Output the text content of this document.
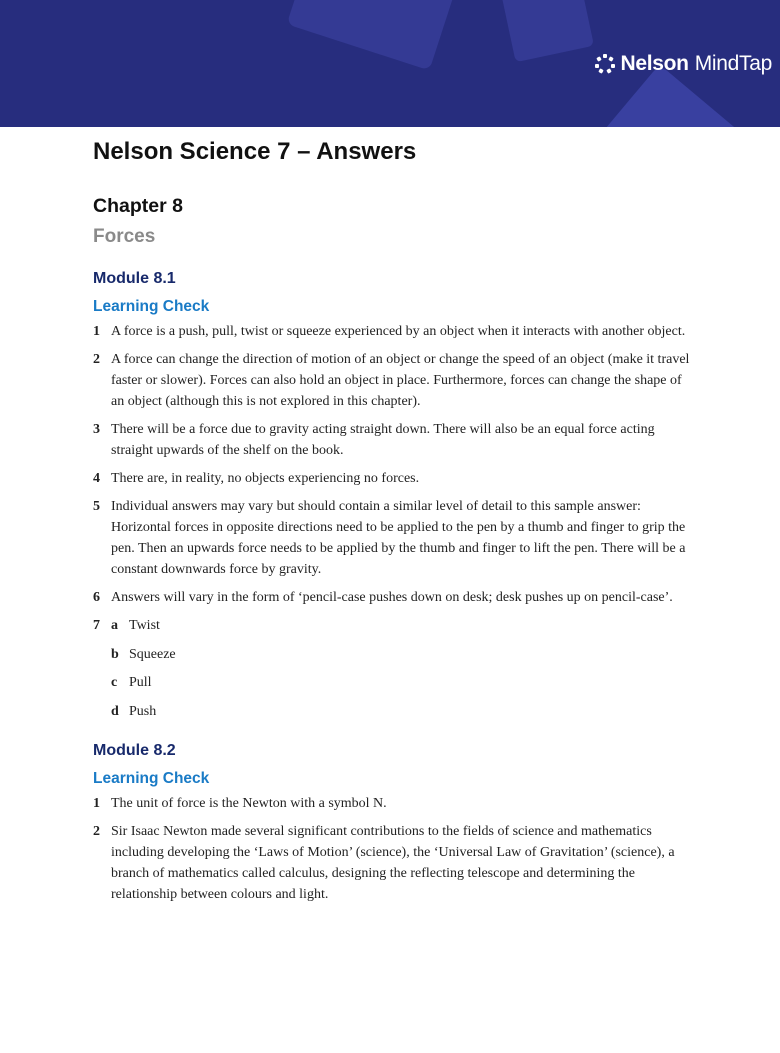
Nelson MindTap
Nelson Science 7 – Answers
Chapter 8
Forces
Module 8.1
Learning Check
1 A force is a push, pull, twist or squeeze experienced by an object when it interacts with another object.
2 A force can change the direction of motion of an object or change the speed of an object (make it travel faster or slower). Forces can also hold an object in place. Furthermore, forces can change the shape of an object (although this is not explored in this chapter).
3 There will be a force due to gravity acting straight down. There will also be an equal force acting straight upwards of the shelf on the book.
4 There are, in reality, no objects experiencing no forces.
5 Individual answers may vary but should contain a similar level of detail to this sample answer: Horizontal forces in opposite directions need to be applied to the pen by a thumb and finger to grip the pen. Then an upwards force needs to be applied by the thumb and finger to lift the pen. There will be a constant downwards force by gravity.
6 Answers will vary in the form of ‘pencil-case pushes down on desk; desk pushes up on pencil-case’.
7 a Twist
b Squeeze
c Pull
d Push
Module 8.2
Learning Check
1 The unit of force is the Newton with a symbol N.
2 Sir Isaac Newton made several significant contributions to the fields of science and mathematics including developing the ‘Laws of Motion’ (science), the ‘Universal Law of Gravitation’ (science), a branch of mathematics called calculus, designing the reflecting telescope and determining the relationship between colours and light.
